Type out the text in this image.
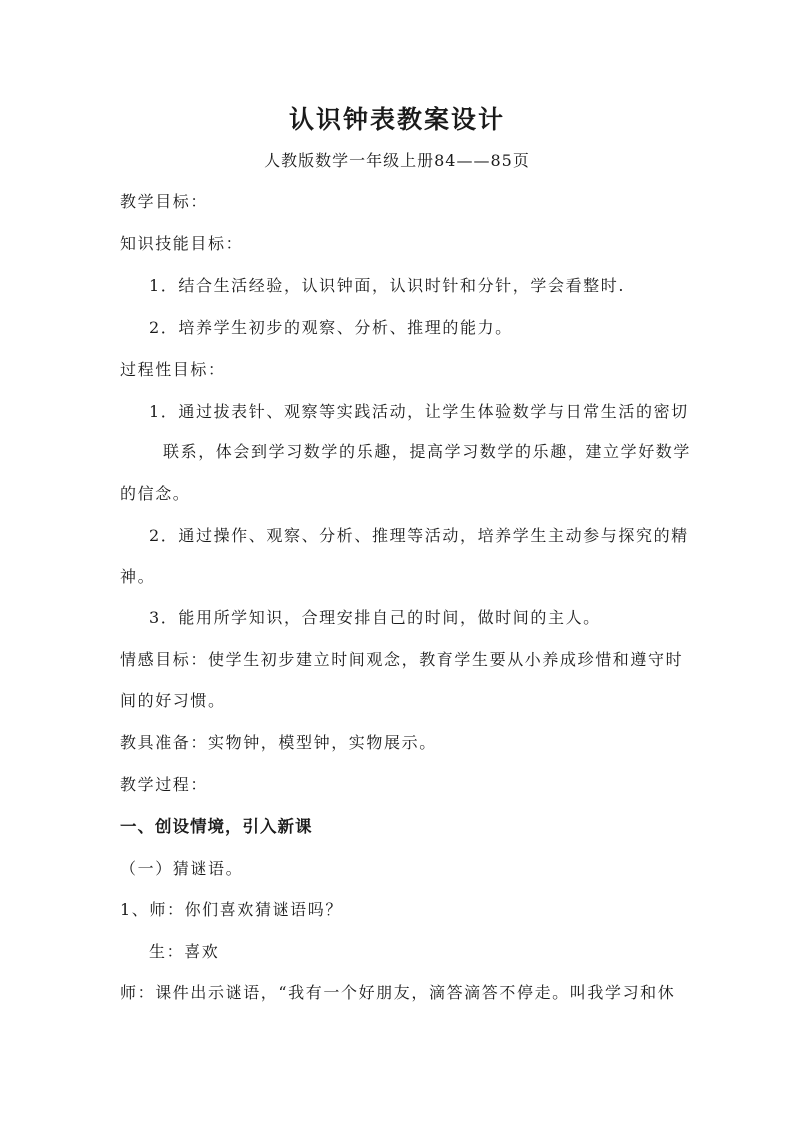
认识钟表教案设计
人教版数学一年级上册84——85页
教学目标：
知识技能目标：
1．结合生活经验，认识钟面，认识时针和分针，学会看整时.
2．培养学生初步的观察、分析、推理的能力。
过程性目标：
1．通过拔表针、观察等实践活动，让学生体验数学与日常生活的密切
联系，体会到学习数学的乐趣，提高学习数学的乐趣，建立学好数学
的信念。
2．通过操作、观察、分析、推理等活动，培养学生主动参与探究的精
神。
3．能用所学知识，合理安排自己的时间，做时间的主人。
情感目标：使学生初步建立时间观念，教育学生要从小养成珍惜和遵守时
间的好习惯。
教具准备：实物钟，模型钟，实物展示。
教学过程：
一、创设情境，引入新课
（一）猜谜语。
1、师：你们喜欢猜谜语吗？
生：喜欢
师：课件出示谜语，“我有一个好朋友，滴答滴答不停走。叫我学习和休
